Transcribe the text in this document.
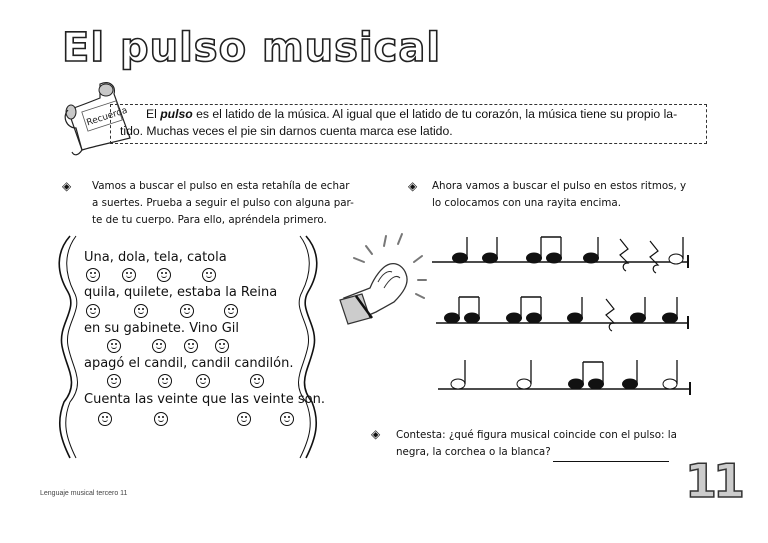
El pulso musical
Recuerda	El pulso es el latido de la música. Al igual que el latido de tu corazón, la música tiene su propio la-
tido. Muchas veces el pie sin darnos cuenta marca ese latido.
◈ Vamos a buscar el pulso en esta retahíla de echar
a suertes. Prueba a seguir el pulso con alguna par-
te de tu cuerpo. Para ello, apréndela primero.
◈ Ahora vamos a buscar el pulso en estos ritmos, y
lo colocamos con una rayita encima.
Una, dola, tela, catola
quila, quilete, estaba la Reina
en su gabinete. Vino Gil
apagó el candil, candil candilón.
Cuenta las veinte que las veinte son.
◈ Contesta: ¿qué figura musical coincide con el pulso: la
negra, la corchea o la blanca?
11
Lenguaje musical tercero 11
